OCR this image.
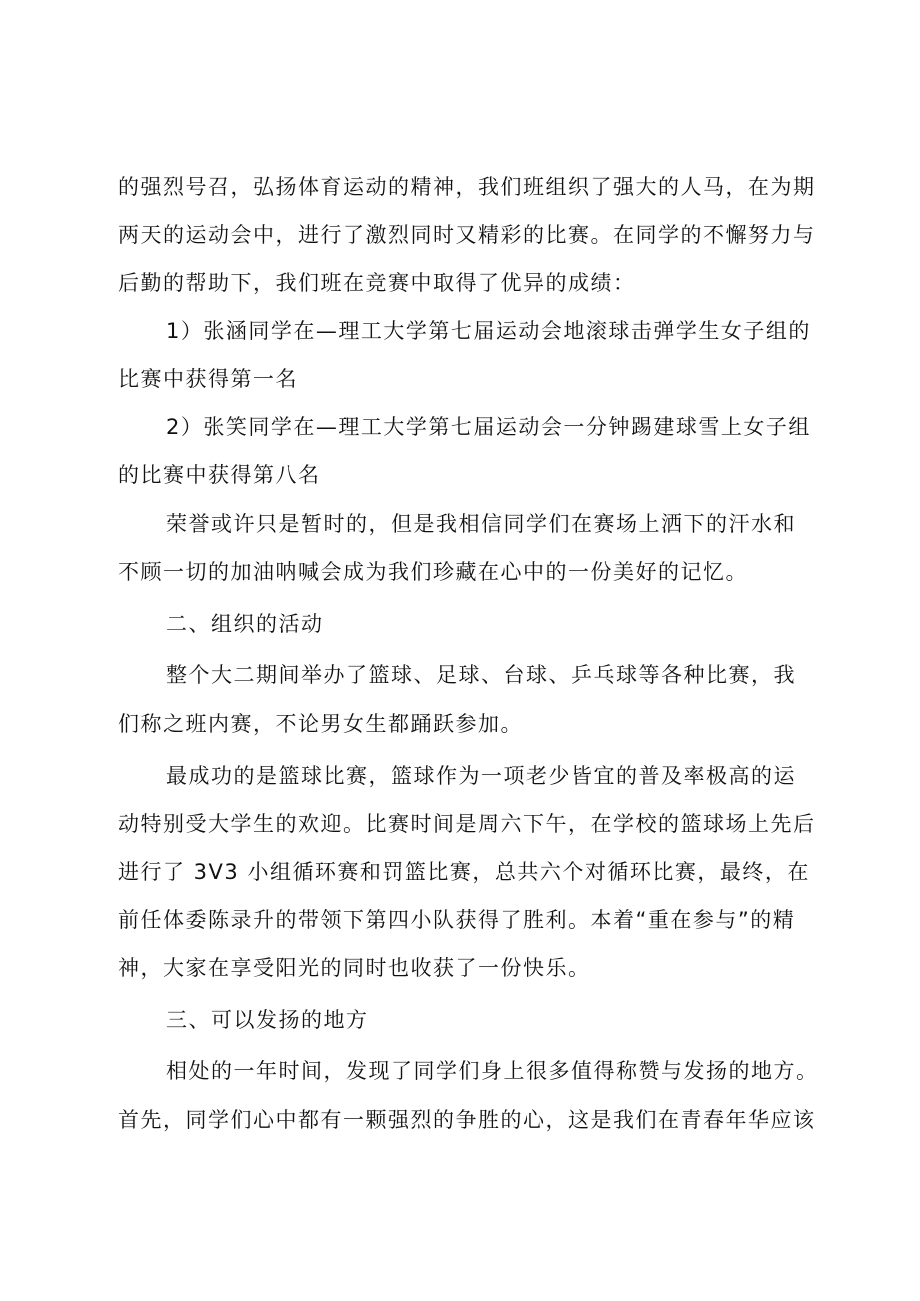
的强烈号召，弘扬体育运动的精神，我们班组织了强大的人马，在为期
两天的运动会中，进行了激烈同时又精彩的比赛。在同学的不懈努力与
后勤的帮助下，我们班在竞赛中取得了优异的成绩：
1）张涵同学在—理工大学第七届运动会地滚球击弹学生女子组的
比赛中获得第一名
2）张笑同学在—理工大学第七届运动会一分钟踢建球雪上女子组
的比赛中获得第八名
荣誉或许只是暂时的，但是我相信同学们在赛场上洒下的汗水和
不顾一切的加油呐喊会成为我们珍藏在心中的一份美好的记忆。
二、组织的活动
整个大二期间举办了篮球、足球、台球、乒乓球等各种比赛，我
们称之班内赛，不论男女生都踊跃参加。
最成功的是篮球比赛，篮球作为一项老少皆宜的普及率极高的运
动特别受大学生的欢迎。比赛时间是周六下午，在学校的篮球场上先后
进行了 3V3 小组循环赛和罚篮比赛，总共六个对循环比赛，最终，在
前任体委陈录升的带领下第四小队获得了胜利。本着“重在参与”的精
神，大家在享受阳光的同时也收获了一份快乐。
三、可以发扬的地方
相处的一年时间，发现了同学们身上很多值得称赞与发扬的地方。
首先，同学们心中都有一颗强烈的争胜的心，这是我们在青春年华应该
